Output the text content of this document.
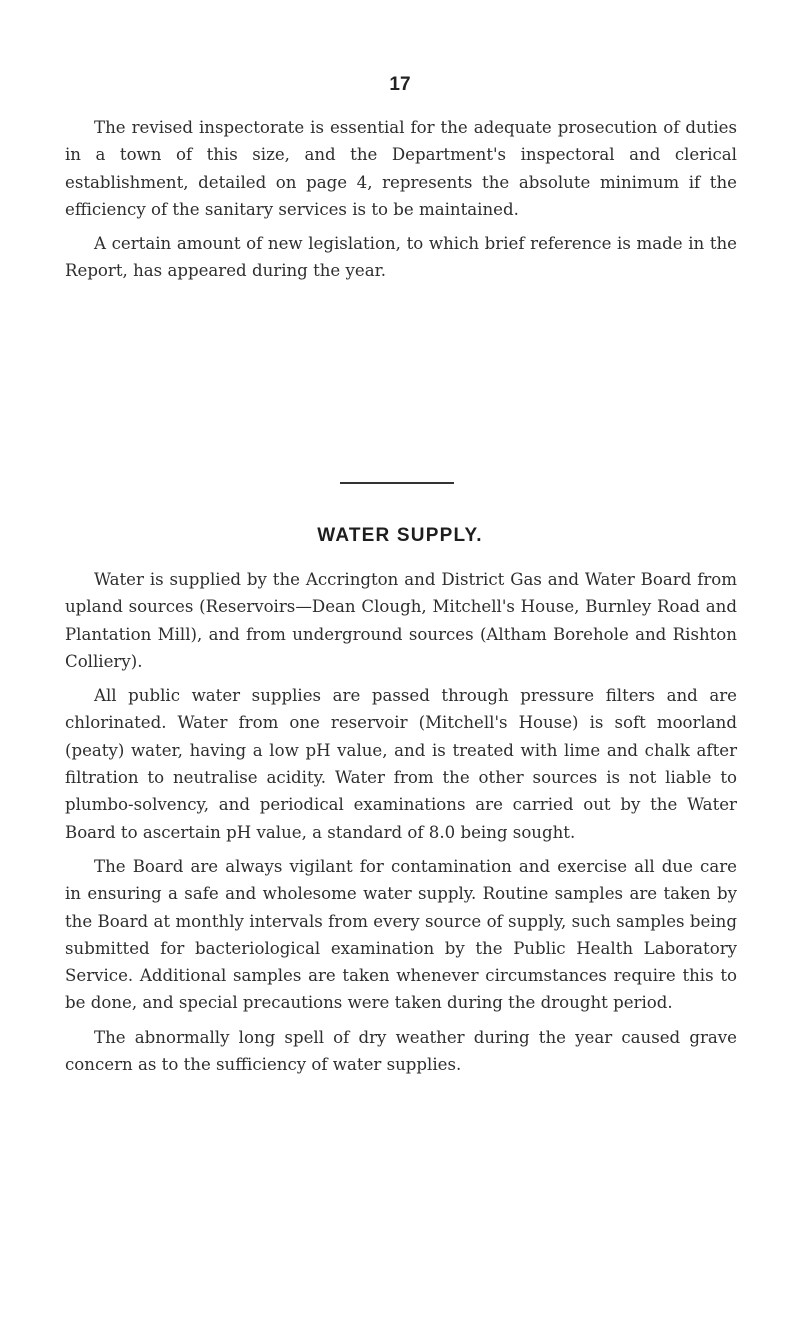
17

The revised inspectorate is essential for the adequate prosecution of duties in a town of this size, and the Department's inspectoral and clerical establishment, detailed on page 4, represents the absolute minimum if the efficiency of the sanitary services is to be maintained.

A certain amount of new legislation, to which brief reference is made in the Report, has appeared during the year.

WATER SUPPLY.

Water is supplied by the Accrington and District Gas and Water Board from upland sources (Reservoirs—Dean Clough, Mitchell's House, Burnley Road and Plantation Mill), and from underground sources (Altham Borehole and Rishton Colliery).

All public water supplies are passed through pressure filters and are chlorinated. Water from one reservoir (Mitchell's House) is soft moorland (peaty) water, having a low pH value, and is treated with lime and chalk after filtration to neutralise acidity. Water from the other sources is not liable to plumbo-solvency, and periodical examinations are carried out by the Water Board to ascertain pH value, a standard of 8.0 being sought.

The Board are always vigilant for contamination and exercise all due care in ensuring a safe and wholesome water supply. Routine samples are taken by the Board at monthly intervals from every source of supply, such samples being submitted for bacteriological examination by the Public Health Laboratory Service. Additional samples are taken whenever circumstances require this to be done, and special precautions were taken during the drought period.

The abnormally long spell of dry weather during the year caused grave concern as to the sufficiency of water supplies.
